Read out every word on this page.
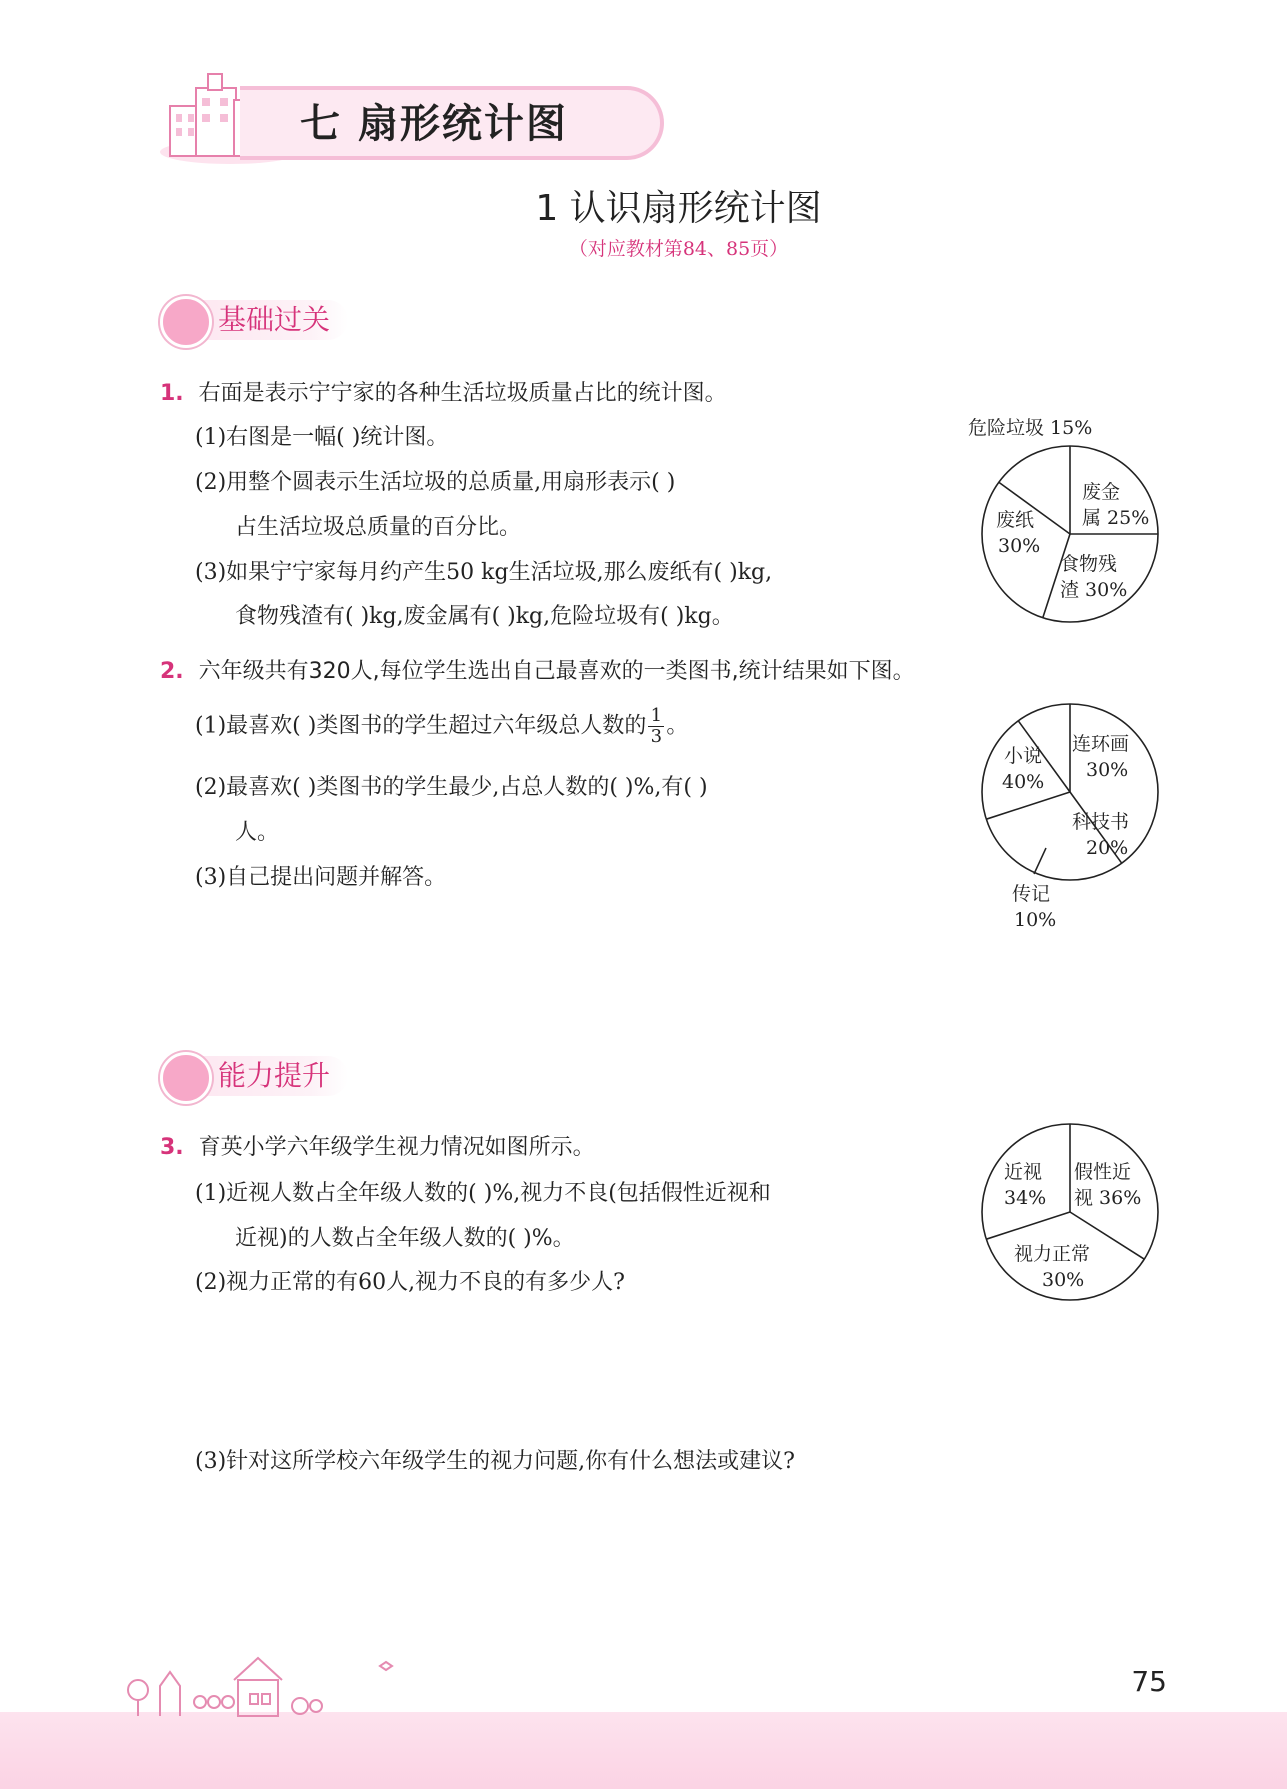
七 扇形统计图
1 认识扇形统计图
（对应教材第84、85页）
基础过关
1. 右面是表示宁宁家的各种生活垃圾质量占比的统计图。
(1)右图是一幅( )统计图。
(2)用整个圆表示生活垃圾的总质量,用扇形表示( )
占生活垃圾总质量的百分比。
(3)如果宁宁家每月约产生50 kg生活垃圾,那么废纸有( )kg,
食物残渣有( )kg,废金属有( )kg,危险垃圾有( )kg。
危险垃圾 15%
废金
属 25%
废纸
30%
食物残
渣 30%
2. 六年级共有320人,每位学生选出自己最喜欢的一类图书,统计结果如下图。
(1)最喜欢( )类图书的学生超过六年级总人数的 $\frac{1}{3}$ 。
(2)最喜欢( )类图书的学生最少,占总人数的( )%,有( )
人。
(3)自己提出问题并解答。
小说
40%
连环画
30%
科技书
20%
传记
10%
能力提升
3. 育英小学六年级学生视力情况如图所示。
(1)近视人数占全年级人数的( )%,视力不良(包括假性近视和
近视)的人数占全年级人数的( )%。
(2)视力正常的有60人,视力不良的有多少人?
(3)针对这所学校六年级学生的视力问题,你有什么想法或建议?
近视
34%
假性近
视 36%
视力正常
30%
75
